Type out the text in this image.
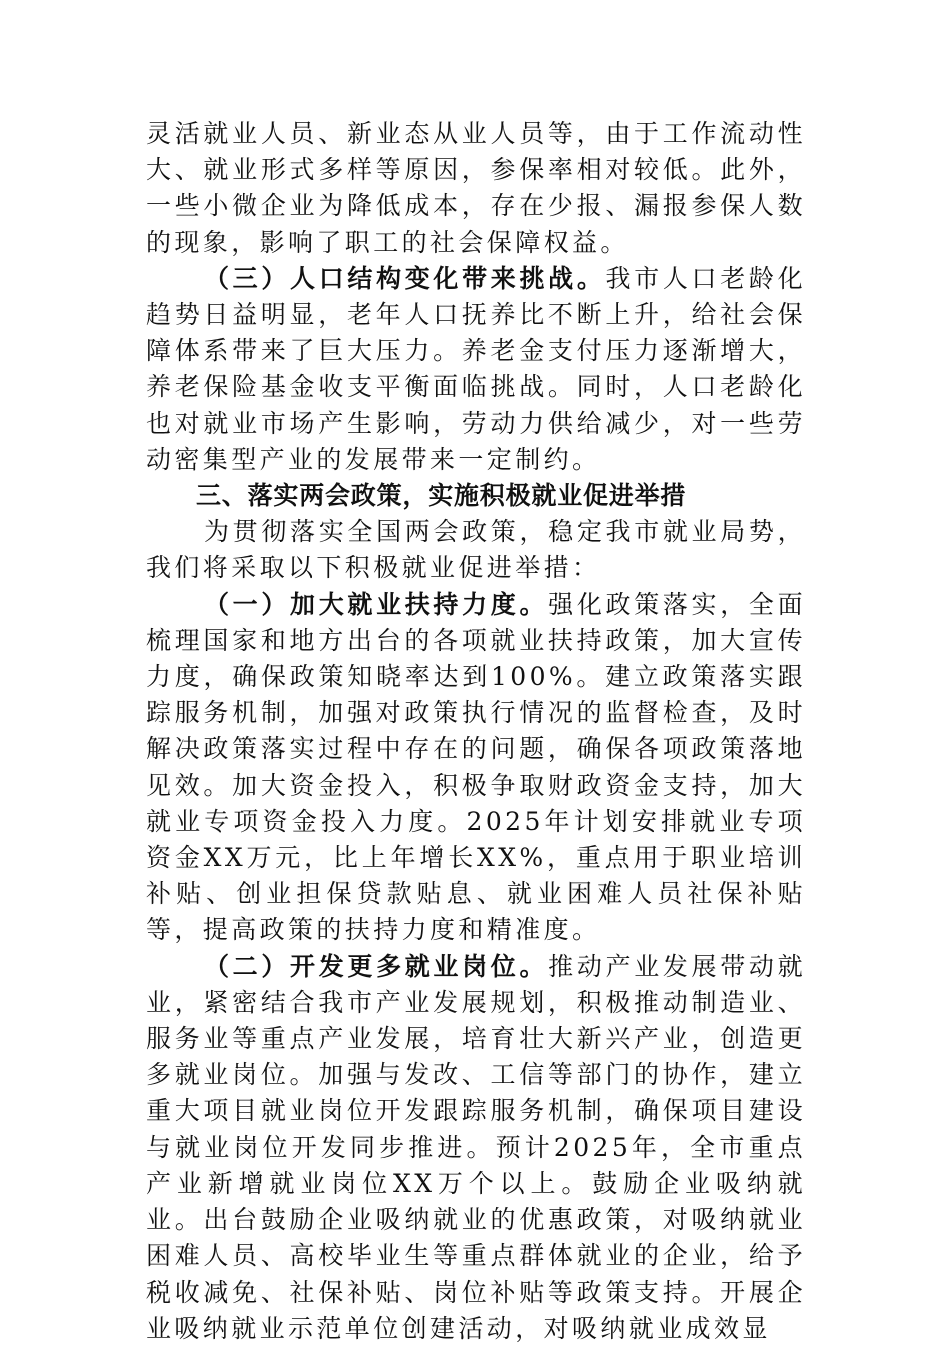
灵活就业人员、新业态从业人员等，由于工作流动性大、就业形式多样等原因，参保率相对较低。此外，一些小微企业为降低成本，存在少报、漏报参保人数的现象，影响了职工的社会保障权益。

（三）人口结构变化带来挑战。我市人口老龄化趋势日益明显，老年人口抚养比不断上升，给社会保障体系带来了巨大压力。养老金支付压力逐渐增大，养老保险基金收支平衡面临挑战。同时，人口老龄化也对就业市场产生影响，劳动力供给减少，对一些劳动密集型产业的发展带来一定制约。

三、落实两会政策，实施积极就业促进举措

为贯彻落实全国两会政策，稳定我市就业局势，我们将采取以下积极就业促进举措：

（一）加大就业扶持力度。强化政策落实，全面梳理国家和地方出台的各项就业扶持政策，加大宣传力度，确保政策知晓率达到100%。建立政策落实跟踪服务机制，加强对政策执行情况的监督检查，及时解决政策落实过程中存在的问题，确保各项政策落地见效。加大资金投入，积极争取财政资金支持，加大就业专项资金投入力度。2025年计划安排就业专项资金XX万元，比上年增长XX%，重点用于职业培训补贴、创业担保贷款贴息、就业困难人员社保补贴等，提高政策的扶持力度和精准度。

（二）开发更多就业岗位。推动产业发展带动就业，紧密结合我市产业发展规划，积极推动制造业、服务业等重点产业发展，培育壮大新兴产业，创造更多就业岗位。加强与发改、工信等部门的协作，建立重大项目就业岗位开发跟踪服务机制，确保项目建设与就业岗位开发同步推进。预计2025年，全市重点产业新增就业岗位XX万个以上。鼓励企业吸纳就业。出台鼓励企业吸纳就业的优惠政策，对吸纳就业困难人员、高校毕业生等重点群体就业的企业，给予税收减免、社保补贴、岗位补贴等政策支持。开展企业吸纳就业示范单位创建活动，对吸纳就业成效显
